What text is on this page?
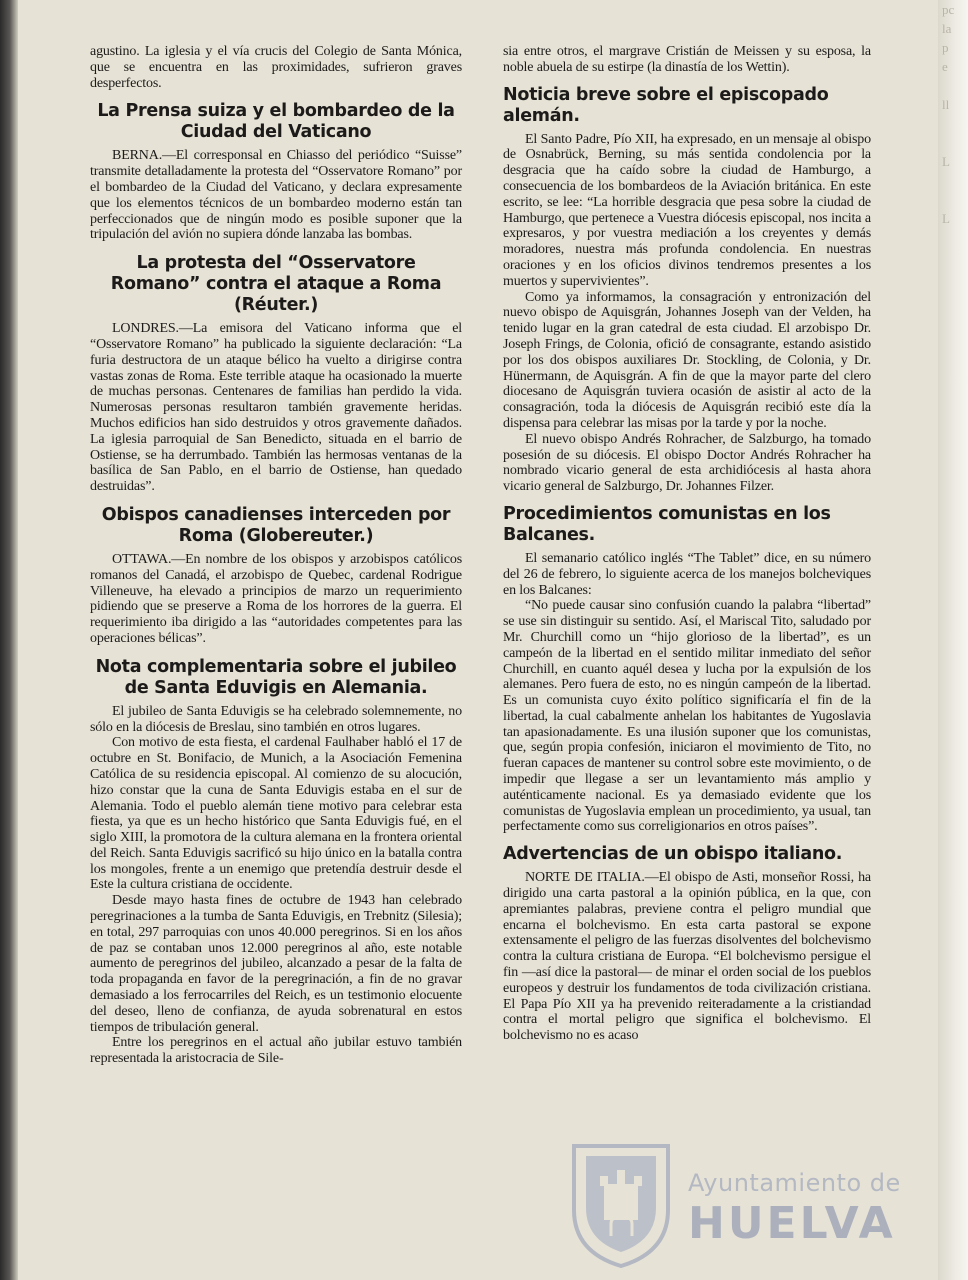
pc
la
p
e

ll

L

L

agustino. La iglesia y el vía crucis del Colegio de Santa Mónica, que se encuentra en las proximidades, sufrieron graves desperfectos.

La Prensa suiza y el bombardeo de la Ciudad del Vaticano

BERNA.—El corresponsal en Chiasso del periódico “Suisse” transmite detalladamente la protesta del “Osservatore Romano” por el bombardeo de la Ciudad del Vaticano, y declara expresamente que los elementos técnicos de un bombardeo moderno están tan perfeccionados que de ningún modo es posible suponer que la tripulación del avión no supiera dónde lanzaba las bombas.

La protesta del “Osservatore Romano” contra el ataque a Roma (Réuter.)

LONDRES.—La emisora del Vaticano informa que el “Osservatore Romano” ha publicado la siguiente declaración: “La furia destructora de un ataque bélico ha vuelto a dirigirse contra vastas zonas de Roma. Este terrible ataque ha ocasionado la muerte de muchas personas. Centenares de familias han perdido la vida. Numerosas personas resultaron también gravemente heridas. Muchos edificios han sido destruidos y otros gravemente dañados. La iglesia parroquial de San Benedicto, situada en el barrio de Ostiense, se ha derrumbado. También las hermosas ventanas de la basílica de San Pablo, en el barrio de Ostiense, han quedado destruidas”.

Obispos canadienses interceden por Roma (Globereuter.)

OTTAWA.—En nombre de los obispos y arzobispos católicos romanos del Canadá, el arzobispo de Quebec, cardenal Rodrigue Villeneuve, ha elevado a principios de marzo un requerimiento pidiendo que se preserve a Roma de los horrores de la guerra. El requerimiento iba dirigido a las “autoridades competentes para las operaciones bélicas”.

Nota complementaria sobre el jubileo de Santa Eduvigis en Alemania.

El jubileo de Santa Eduvigis se ha celebrado solemnemente, no sólo en la diócesis de Breslau, sino también en otros lugares.

Con motivo de esta fiesta, el cardenal Faulhaber habló el 17 de octubre en St. Bonifacio, de Munich, a la Asociación Femenina Católica de su residencia episcopal. Al comienzo de su alocución, hizo constar que la cuna de Santa Eduvigis estaba en el sur de Alemania. Todo el pueblo alemán tiene motivo para celebrar esta fiesta, ya que es un hecho histórico que Santa Eduvigis fué, en el siglo XIII, la promotora de la cultura alemana en la frontera oriental del Reich. Santa Eduvigis sacrificó su hijo único en la batalla contra los mongoles, frente a un enemigo que pretendía destruir desde el Este la cultura cristiana de occidente.

Desde mayo hasta fines de octubre de 1943 han celebrado peregrinaciones a la tumba de Santa Eduvigis, en Trebnitz (Silesia); en total, 297 parroquias con unos 40.000 peregrinos. Si en los años de paz se contaban unos 12.000 peregrinos al año, este notable aumento de peregrinos del jubileo, alcanzado a pesar de la falta de toda propaganda en favor de la peregrinación, a fin de no gravar demasiado a los ferrocarriles del Reich, es un testimonio elocuente del deseo, lleno de confianza, de ayuda sobrenatural en estos tiempos de tribulación general.

Entre los peregrinos en el actual año jubilar estuvo también representada la aristocracia de Sile-

sia entre otros, el margrave Cristián de Meissen y su esposa, la noble abuela de su estirpe (la dinastía de los Wettin).

Noticia breve sobre el episcopado alemán.

El Santo Padre, Pío XII, ha expresado, en un mensaje al obispo de Osnabrück, Berning, su más sentida condolencia por la desgracia que ha caído sobre la ciudad de Hamburgo, a consecuencia de los bombardeos de la Aviación británica. En este escrito, se lee: “La horrible desgracia que pesa sobre la ciudad de Hamburgo, que pertenece a Vuestra diócesis episcopal, nos incita a expresaros, y por vuestra mediación a los creyentes y demás moradores, nuestra más profunda condolencia. En nuestras oraciones y en los oficios divinos tendremos presentes a los muertos y supervivientes”.

Como ya informamos, la consagración y entronización del nuevo obispo de Aquisgrán, Johannes Joseph van der Velden, ha tenido lugar en la gran catedral de esta ciudad. El arzobispo Dr. Joseph Frings, de Colonia, ofició de consagrante, estando asistido por los dos obispos auxiliares Dr. Stockling, de Colonia, y Dr. Hünermann, de Aquisgrán. A fin de que la mayor parte del clero diocesano de Aquisgrán tuviera ocasión de asistir al acto de la consagración, toda la diócesis de Aquisgrán recibió este día la dispensa para celebrar las misas por la tarde y por la noche.

El nuevo obispo Andrés Rohracher, de Salzburgo, ha tomado posesión de su diócesis. El obispo Doctor Andrés Rohracher ha nombrado vicario general de esta archidiócesis al hasta ahora vicario general de Salzburgo, Dr. Johannes Filzer.

Procedimientos comunistas en los Balcanes.

El semanario católico inglés “The Tablet” dice, en su número del 26 de febrero, lo siguiente acerca de los manejos bolcheviques en los Balcanes:

“No puede causar sino confusión cuando la palabra “libertad” se use sin distinguir su sentido. Así, el Mariscal Tito, saludado por Mr. Churchill como un “hijo glorioso de la libertad”, es un campeón de la libertad en el sentido militar inmediato del señor Churchill, en cuanto aquél desea y lucha por la expulsión de los alemanes. Pero fuera de esto, no es ningún campeón de la libertad. Es un comunista cuyo éxito político significaría el fin de la libertad, la cual cabalmente anhelan los habitantes de Yugoslavia tan apasionadamente. Es una ilusión suponer que los comunistas, que, según propia confesión, iniciaron el movimiento de Tito, no fueran capaces de mantener su control sobre este movimiento, o de impedir que llegase a ser un levantamiento más amplio y auténticamente nacional. Es ya demasiado evidente que los comunistas de Yugoslavia emplean un procedimiento, ya usual, tan perfectamente como sus correligionarios en otros países”.

Advertencias de un obispo italiano.

NORTE DE ITALIA.—El obispo de Asti, monseñor Rossi, ha dirigido una carta pastoral a la opinión pública, en la que, con apremiantes palabras, previene contra el peligro mundial que encarna el bolchevismo. En esta carta pastoral se expone extensamente el peligro de las fuerzas disolventes del bolchevismo contra la cultura cristiana de Europa. “El bolchevismo persigue el fin —así dice la pastoral— de minar el orden social de los pueblos europeos y destruir los fundamentos de toda civilización cristiana. El Papa Pío XII ya ha prevenido reiteradamente a la cristiandad contra el mortal peligro que significa el bolchevismo. El bolchevismo no es acaso

Ayuntamiento de
HUELVA
